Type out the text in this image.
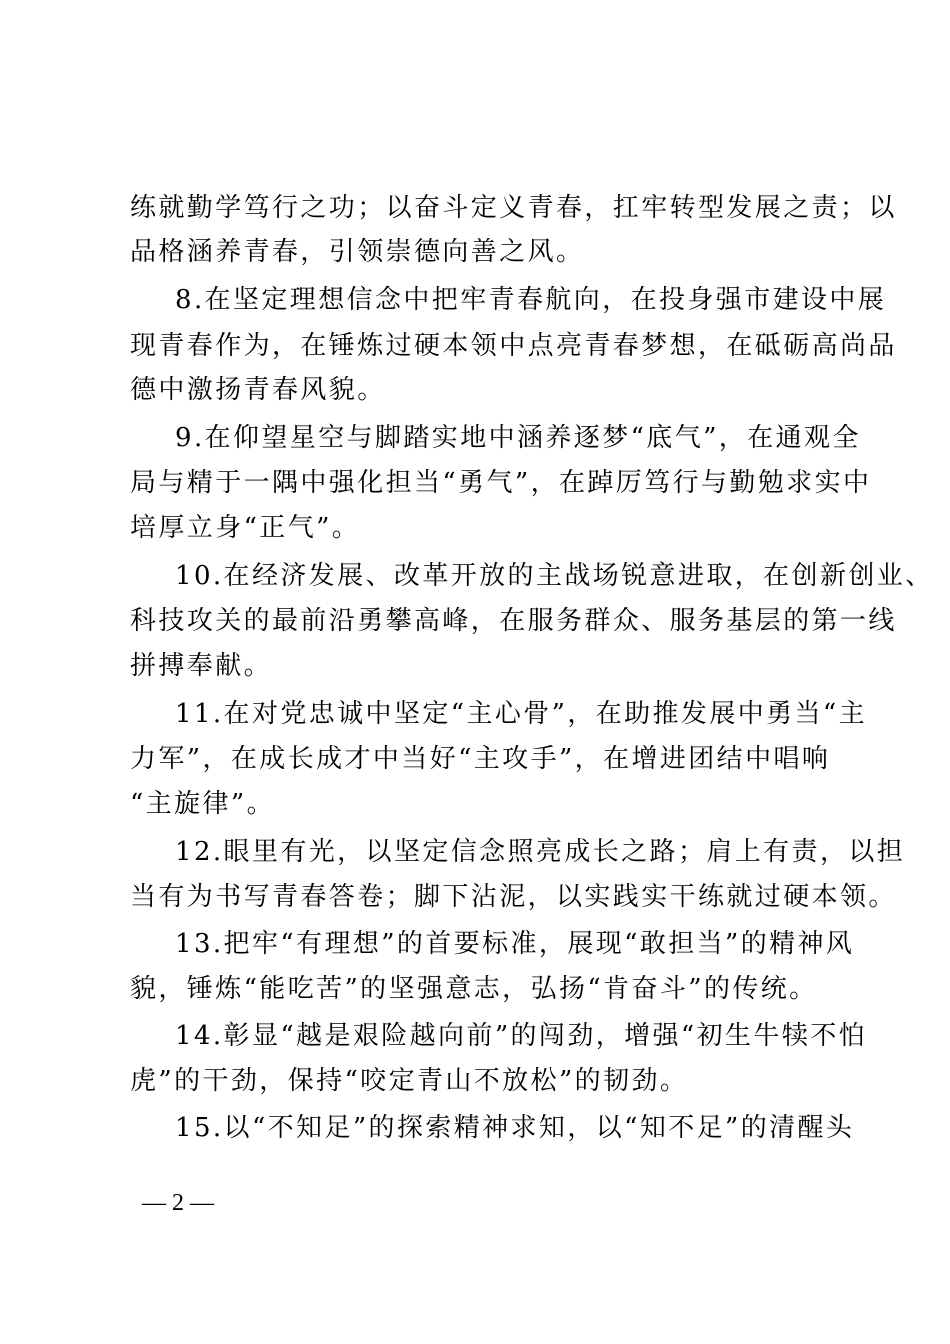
练就勤学笃行之功；以奋斗定义青春，扛牢转型发展之责；以
品格涵养青春，引领崇德向善之风。
8.在坚定理想信念中把牢青春航向，在投身强市建设中展
现青春作为，在锤炼过硬本领中点亮青春梦想，在砥砺高尚品
德中激扬青春风貌。
9.在仰望星空与脚踏实地中涵养逐梦“底气”，在通观全
局与精于一隅中强化担当“勇气”，在踔厉笃行与勤勉求实中
培厚立身“正气”。
10.在经济发展、改革开放的主战场锐意进取，在创新创业、
科技攻关的最前沿勇攀高峰，在服务群众、服务基层的第一线
拼搏奉献。
11.在对党忠诚中坚定“主心骨”，在助推发展中勇当“主
力军”，在成长成才中当好“主攻手”，在增进团结中唱响
“主旋律”。
12.眼里有光，以坚定信念照亮成长之路；肩上有责，以担
当有为书写青春答卷；脚下沾泥，以实践实干练就过硬本领。
13.把牢“有理想”的首要标准，展现“敢担当”的精神风
貌，锤炼“能吃苦”的坚强意志，弘扬“肯奋斗”的传统。
14.彰显“越是艰险越向前”的闯劲，增强“初生牛犊不怕
虎”的干劲，保持“咬定青山不放松”的韧劲。
15.以“不知足”的探索精神求知，以“知不足”的清醒头
— 2 —
